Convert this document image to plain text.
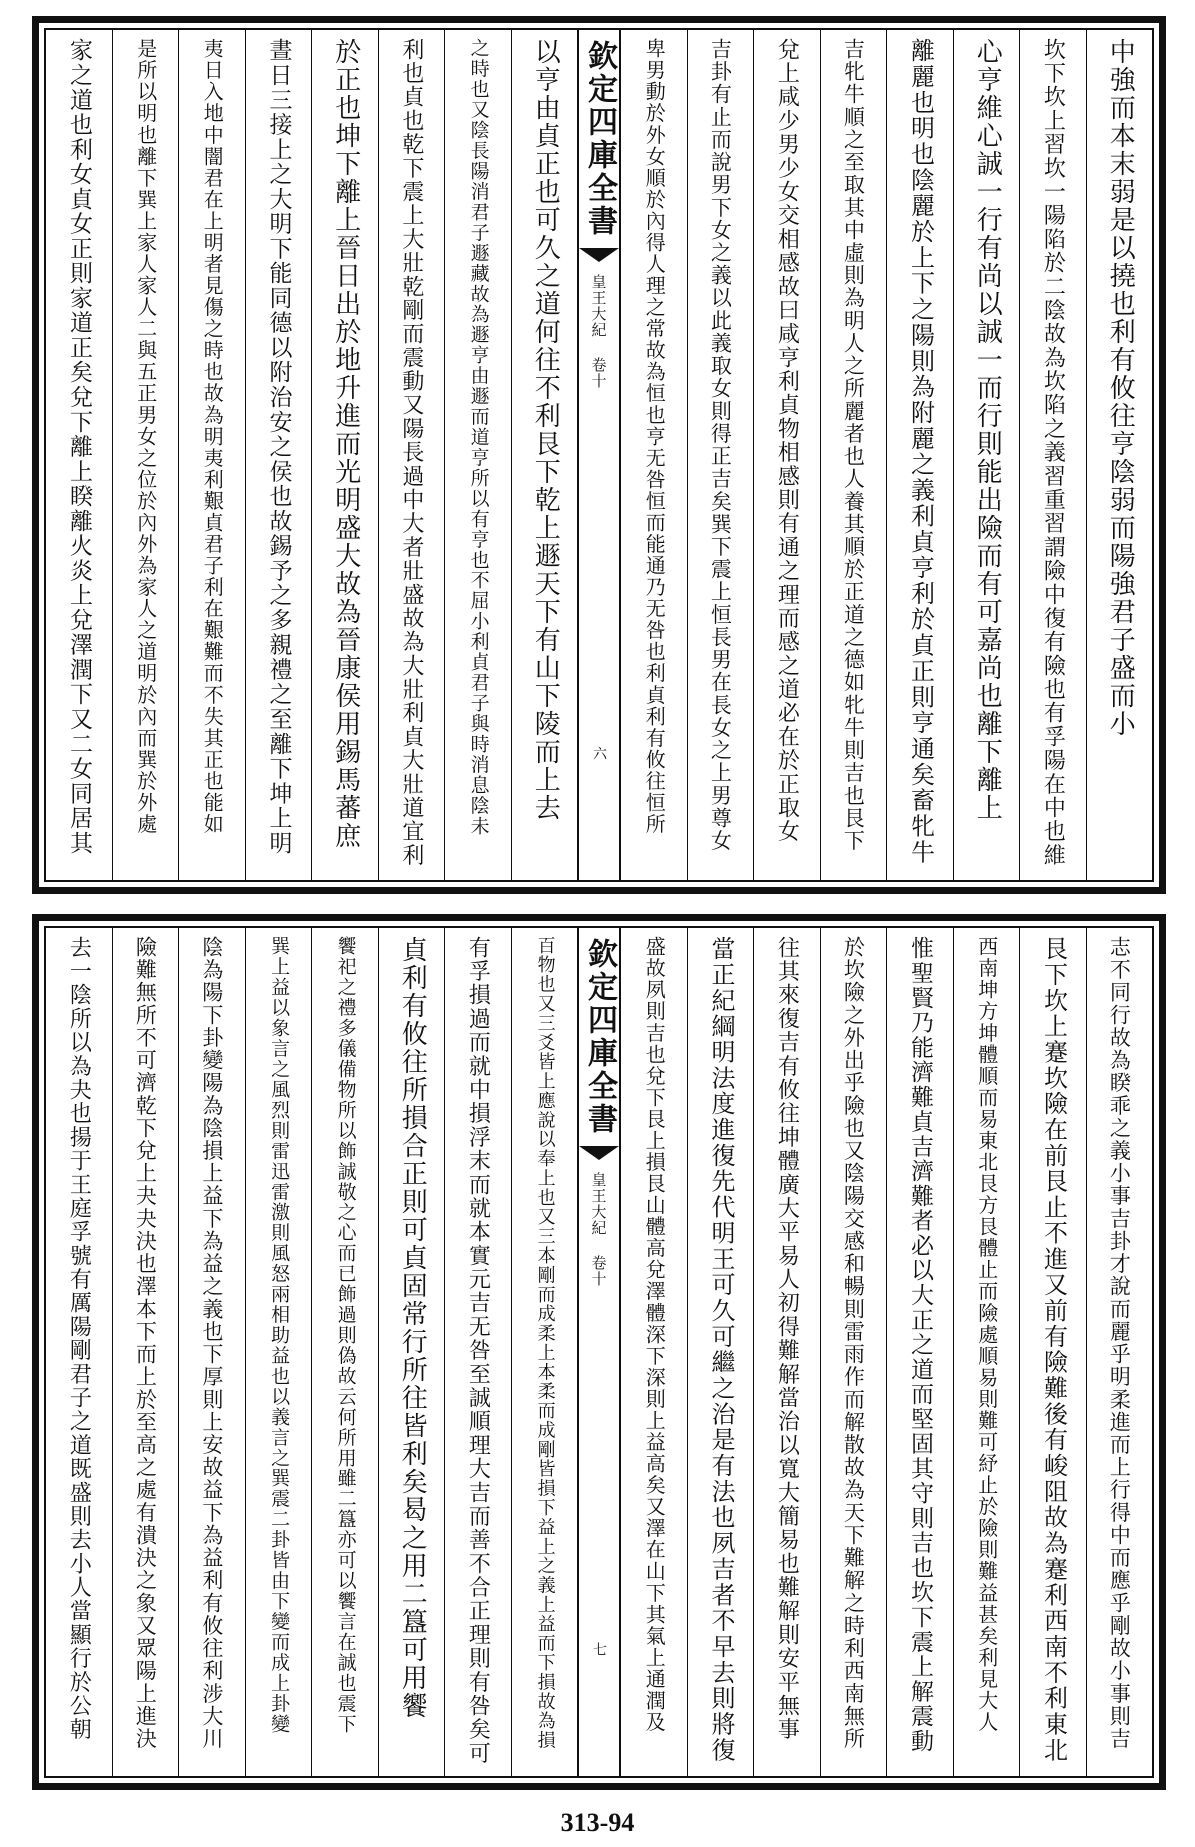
中強而本末弱是以撓也利有攸往亨陰弱而陽強君子盛而小
坎下坎上習坎一陽陷於二陰故為坎陷之義習重習謂險中復有險也有孚陽在中也維
心亨維心誠一行有尚以誠一而行則能出險而有可嘉尚也離下離上
離麗也明也陰麗於上下之陽則為附麗之義利貞亨利於貞正則亨通矣畜牝牛
吉牝牛順之至取其中虛則為明人之所麗者也人養其順於正道之德如牝牛則吉也艮下
兌上咸少男少女交相感故曰咸亨利貞物相感則有通之理而感之道必在於正取女
吉卦有止而說男下女之義以此義取女則得正吉矣巽下震上恒長男在長女之上男尊女
卑男動於外女順於內得人理之常故為恒也亨无咎恒而能通乃无咎也利貞利有攸往恒所
欽定四庫全書
皇王大紀 卷十
六
以亨由貞正也可久之道何往不利艮下乾上遯天下有山下陵而上去
之時也又陰長陽消君子遯藏故為遯亨由遯而道亨所以有亨也不屈小利貞君子與時消息陰未
利也貞也乾下震上大壯乾剛而震動又陽長過中大者壯盛故為大壯利貞大壯道宜利
於正也坤下離上晉日出於地升進而光明盛大故為晉康侯用錫馬蕃庶
晝日三接上之大明下能同德以附治安之侯也故錫予之多親禮之至離下坤上明
夷日入地中闇君在上明者見傷之時也故為明夷利艱貞君子利在艱難而不失其正也能如
是所以明也離下巽上家人家人二與五正男女之位於內外為家人之道明於內而巽於外處
家之道也利女貞女正則家道正矣兌下離上睽離火炎上兌澤潤下又二女同居其
志不同行故為睽乖之義小事吉卦才說而麗乎明柔進而上行得中而應乎剛故小事則吉
艮下坎上蹇坎險在前艮止不進又前有險難後有峻阻故為蹇利西南不利東北
西南坤方坤體順而易東北艮方艮體止而險處順易則難可紓止於險則難益甚矣利見大人
惟聖賢乃能濟難貞吉濟難者必以大正之道而堅固其守則吉也坎下震上解震動
於坎險之外出乎險也又陰陽交感和暢則雷雨作而解散故為天下難解之時利西南無所
往其來復吉有攸往坤體廣大平易人初得難解當治以寬大簡易也難解則安平無事
當正紀綱明法度進復先代明王可久可繼之治是有法也夙吉者不早去則將復
盛故夙則吉也兌下艮上損艮山體高兌澤體深下深則上益高矣又澤在山下其氣上通潤及
欽定四庫全書
皇王大紀 卷十
七
百物也又三爻皆上應說以奉上也又三本剛而成柔上本柔而成剛皆損下益上之義上益而下損故為損
有孚損過而就中損浮末而就本實元吉无咎至誠順理大吉而善不合正理則有咎矣可
貞利有攸往所損合正則可貞固常行所往皆利矣曷之用二簋可用饗
饗祀之禮多儀備物所以飾誠敬之心而已飾過則偽故云何所用雖二簋亦可以饗言在誠也震下
巽上益以象言之風烈則雷迅雷激則風怒兩相助益也以義言之巽震二卦皆由下變而成上卦變
陰為陽下卦變陽為陰損上益下為益之義也下厚則上安故益下為益利有攸往利涉大川
險難無所不可濟乾下兌上夬夬決也澤本下而上於至高之處有潰決之象又眾陽上進決
去一陰所以為夬也揚于王庭孚號有厲陽剛君子之道既盛則去小人當顯行於公朝
313-94
